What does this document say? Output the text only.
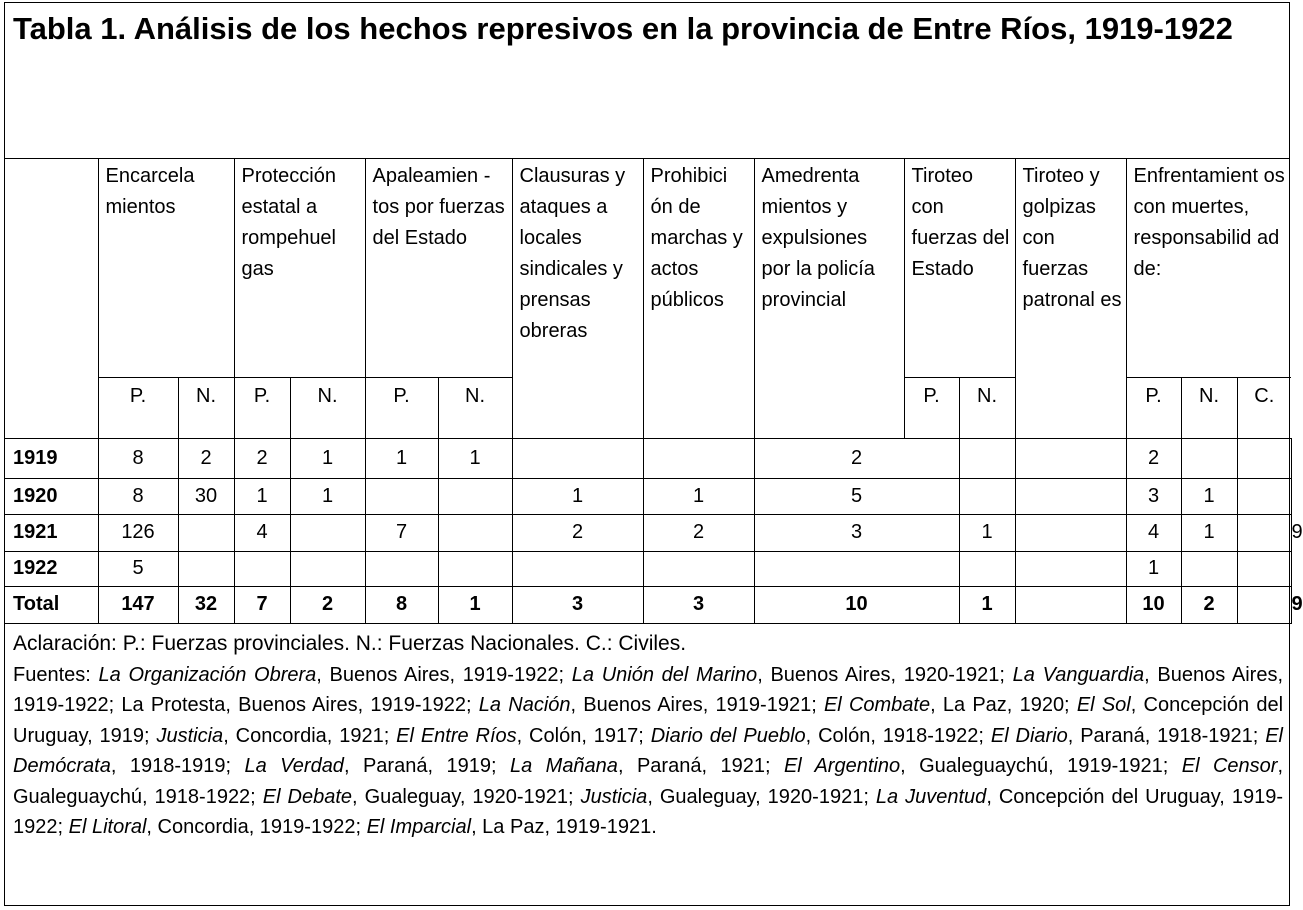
Tabla 1. Análisis de los hechos represivos en la provincia de Entre Ríos, 1919-1922
	Encarcela mientos		Protección estatal a rompehuel gas		Apaleamien -tos por fuerzas del Estado		Clausuras y ataques a locales sindicales y prensas obreras	Prohibici ón de marchas y actos públicos	Amedrenta mientos y expulsiones por la policía provincial	Tiroteo con fuerzas del Estado		Tiroteo y golpizas con fuerzas patronal es	Enfrentamient os con muertes, responsabilid ad de:			
	P.	N.	P.	N.	P.	N.				P.	N.		P.	N.	C.	
1919	8	2	2	1	1	1			2				2			
1920	8	30	1	1			1	1	5				3	1		
1921	126		4		7		2	2	3		1		4	1		9
1922	5												1			
Total	147	32	7	2	8	1	3	3	10		1		10	2		9

Aclaración: P.: Fuerzas provinciales. N.: Fuerzas Nacionales. C.: Civiles.

Fuentes: La Organización Obrera, Buenos Aires, 1919-1922; La Unión del Marino, Buenos Aires, 1920-1921; La Vanguardia, Buenos Aires, 1919-1922; La Protesta, Buenos Aires, 1919-1922; La Nación, Buenos Aires, 1919-1921; El Combate, La Paz, 1920; El Sol, Concepción del Uruguay, 1919; Justicia, Concordia, 1921; El Entre Ríos, Colón, 1917; Diario del Pueblo, Colón, 1918-1922; El Diario, Paraná, 1918-1921; El Demócrata, 1918-1919; La Verdad, Paraná, 1919; La Mañana, Paraná, 1921; El Argentino, Gualeguaychú, 1919-1921; El Censor, Gualeguaychú, 1918-1922; El Debate, Gualeguay, 1920-1921; Justicia, Gualeguay, 1920-1921; La Juventud, Concepción del Uruguay, 1919-1922; El Litoral, Concordia, 1919-1922; El Imparcial, La Paz, 1919-1921.
